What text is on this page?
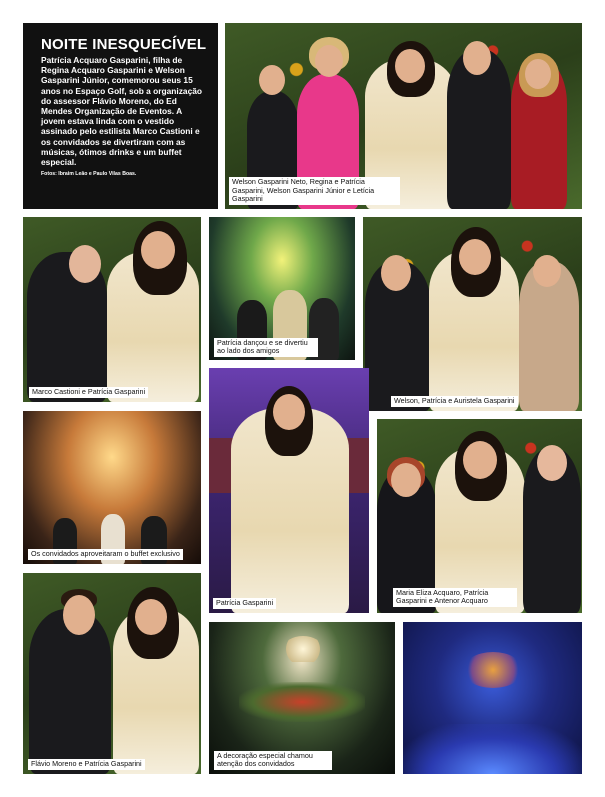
NOITE INESQUECÍVEL

Patrícia Acquaro Gasparini, filha de Regina Acquaro Gasparini e Welson Gasparini Júnior, comemorou seus 15 anos no Espaço Golf, sob a organização do assessor Flávio Moreno, do Ed Mendes Organização de Eventos. A jovem estava linda com o vestido assinado pelo estilista Marco Castioni e os convidados se divertiram com as músicas, ótimos drinks e um buffet especial.

Fotos: Ibraim Leão e Paulo Vilas Boas.
Welson Gasparini Neto, Regina e Patrícia Gasparini, Welson Gasparini Júnior e Letícia Gasparini
Marco Castioni e Patrícia Gasparini
Patrícia dançou e se divertiu ao lado dos amigos
Welson, Patrícia e Auristela Gasparini
Os convidados aproveitaram o buffet exclusivo
Patrícia Gasparini
Maria Eliza Acquaro, Patrícia Gasparini e Antenor Acquaro
Flávio Moreno e Patrícia Gasparini
A decoração especial chamou atenção dos convidados
